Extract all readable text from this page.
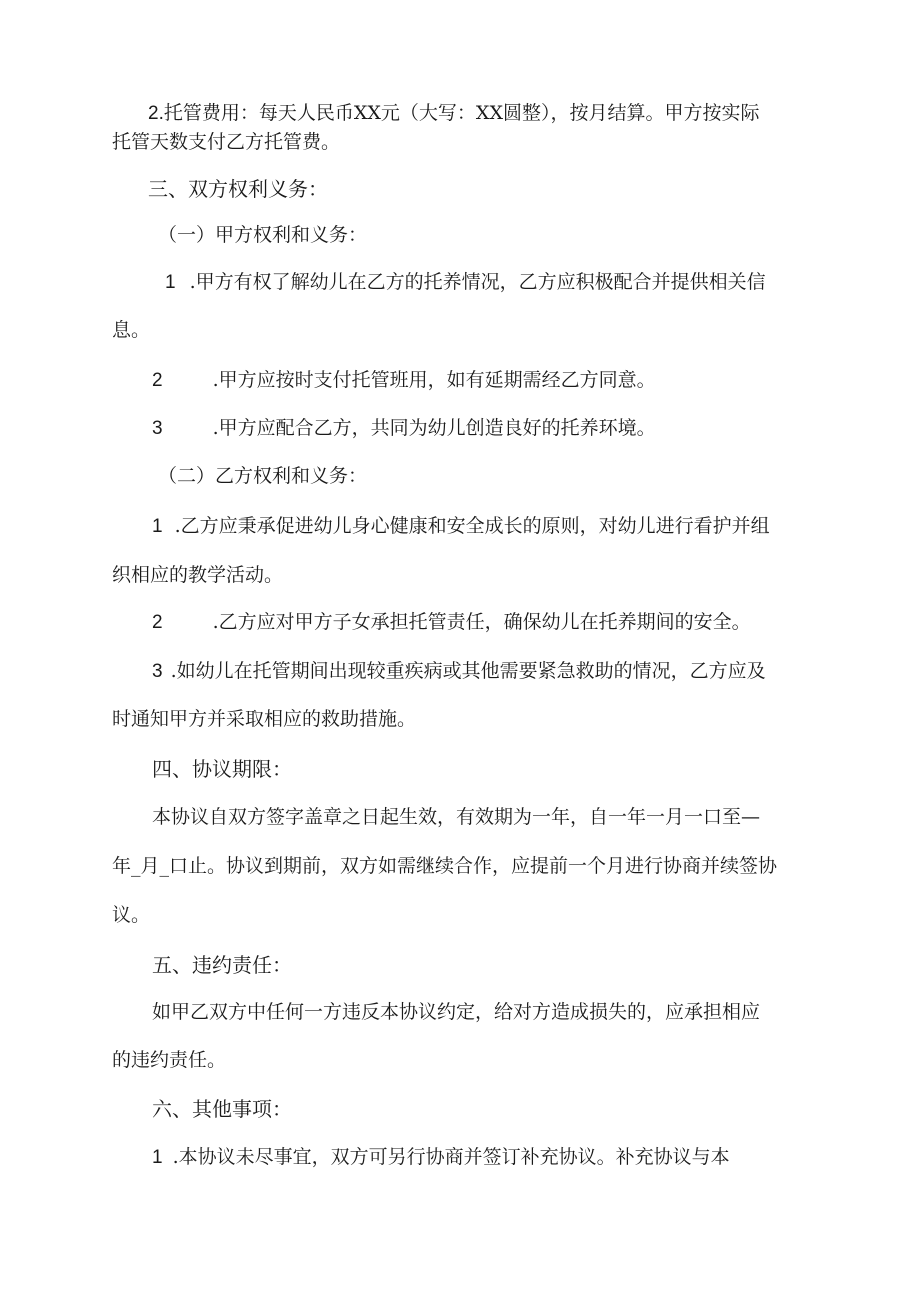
2.托管费用：每天人民币XX元（大写：XX圆整），按月结算。甲方按实际
托管天数支付乙方托管费。
三、双方权利义务：
（一）甲方权利和义务：
1 .甲方有权了解幼儿在乙方的托养情况，乙方应积极配合并提供相关信
息。
2	.甲方应按时支付托管班用，如有延期需经乙方同意。
3	.甲方应配合乙方，共同为幼儿创造良好的托养环境。
（二）乙方权利和义务：
1 .乙方应秉承促进幼儿身心健康和安全成长的原则，对幼儿进行看护并组
织相应的教学活动。
2	.乙方应对甲方子女承担托管责任，确保幼儿在托养期间的安全。
3 .如幼儿在托管期间出现较重疾病或其他需要紧急救助的情况，乙方应及
时通知甲方并采取相应的救助措施。
四、协议期限：
本协议自双方签字盖章之日起生效，有效期为一年，自一年一月一口至—
年_月_口止。协议到期前，双方如需继续合作，应提前一个月进行协商并续签协
议。
五、违约责任：
如甲乙双方中任何一方违反本协议约定，给对方造成损失的，应承担相应
的违约责任。
六、其他事项：
1 .本协议未尽事宜，双方可另行协商并签订补充协议。补充协议与本
